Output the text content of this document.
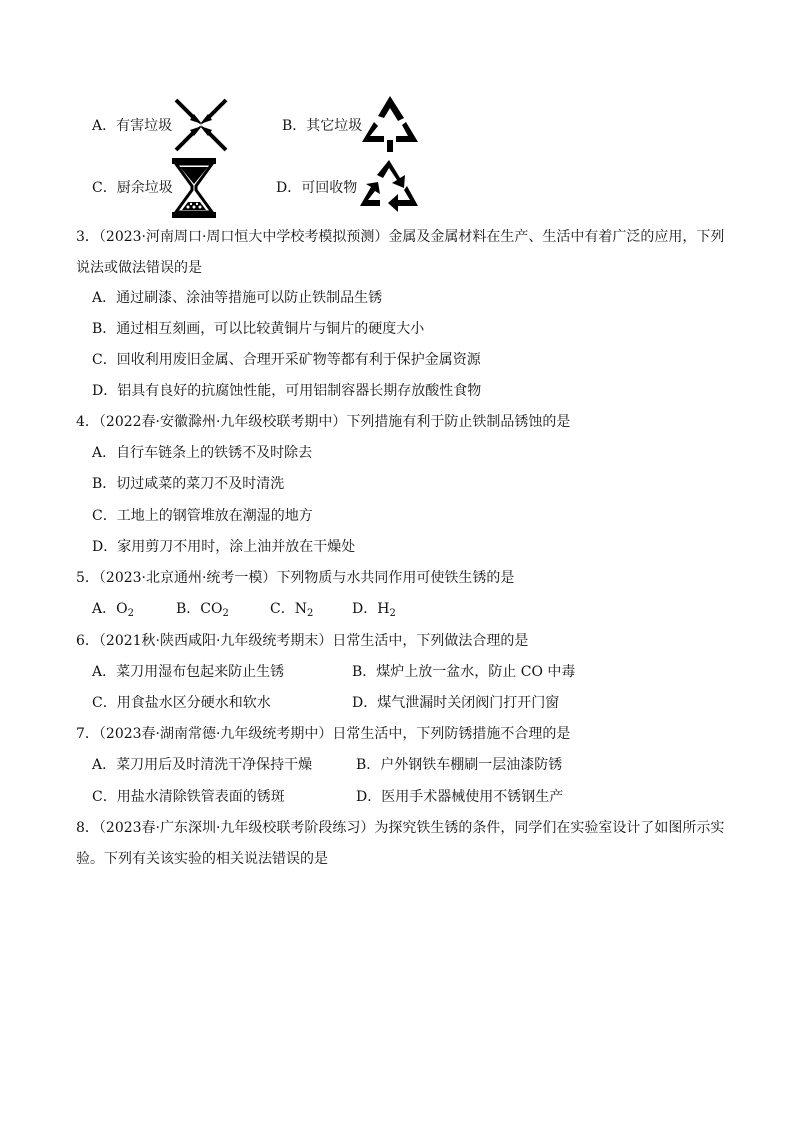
A．有害垃圾	B．其它垃圾
C．厨余垃圾	D．可回收物
3．（2023·河南周口·周口恒大中学校考模拟预测）金属及金属材料在生产、生活中有着广泛的应用，下列
说法或做法错误的是
A．通过刷漆、涂油等措施可以防止铁制品生锈
B．通过相互刻画，可以比较黄铜片与铜片的硬度大小
C．回收利用废旧金属、合理开采矿物等都有利于保护金属资源
D．铝具有良好的抗腐蚀性能，可用铝制容器长期存放酸性食物
4．（2022春·安徽滁州·九年级校联考期中）下列措施有利于防止铁制品锈蚀的是
A．自行车链条上的铁锈不及时除去
B．切过咸菜的菜刀不及时清洗
C．工地上的钢管堆放在潮湿的地方
D．家用剪刀不用时，涂上油并放在干燥处
5．（2023·北京通州·统考一模）下列物质与水共同作用可使铁生锈的是
A．$O_2$	B．$CO_2$	C．$N_2$	D．$H_2$
6．（2021秋·陕西咸阳·九年级统考期末）日常生活中，下列做法合理的是
A．菜刀用湿布包起来防止生锈	B．煤炉上放一盆水，防止 CO 中毒
C．用食盐水区分硬水和软水	D．煤气泄漏时关闭阀门打开门窗
7．（2023春·湖南常德·九年级统考期中）日常生活中，下列防锈措施不合理的是
A．菜刀用后及时清洗干净保持干燥	B．户外钢铁车棚刷一层油漆防锈
C．用盐水清除铁管表面的锈斑	D．医用手术器械使用不锈钢生产
8．（2023春·广东深圳·九年级校联考阶段练习）为探究铁生锈的条件，同学们在实验室设计了如图所示实
验。下列有关该实验的相关说法错误的是
